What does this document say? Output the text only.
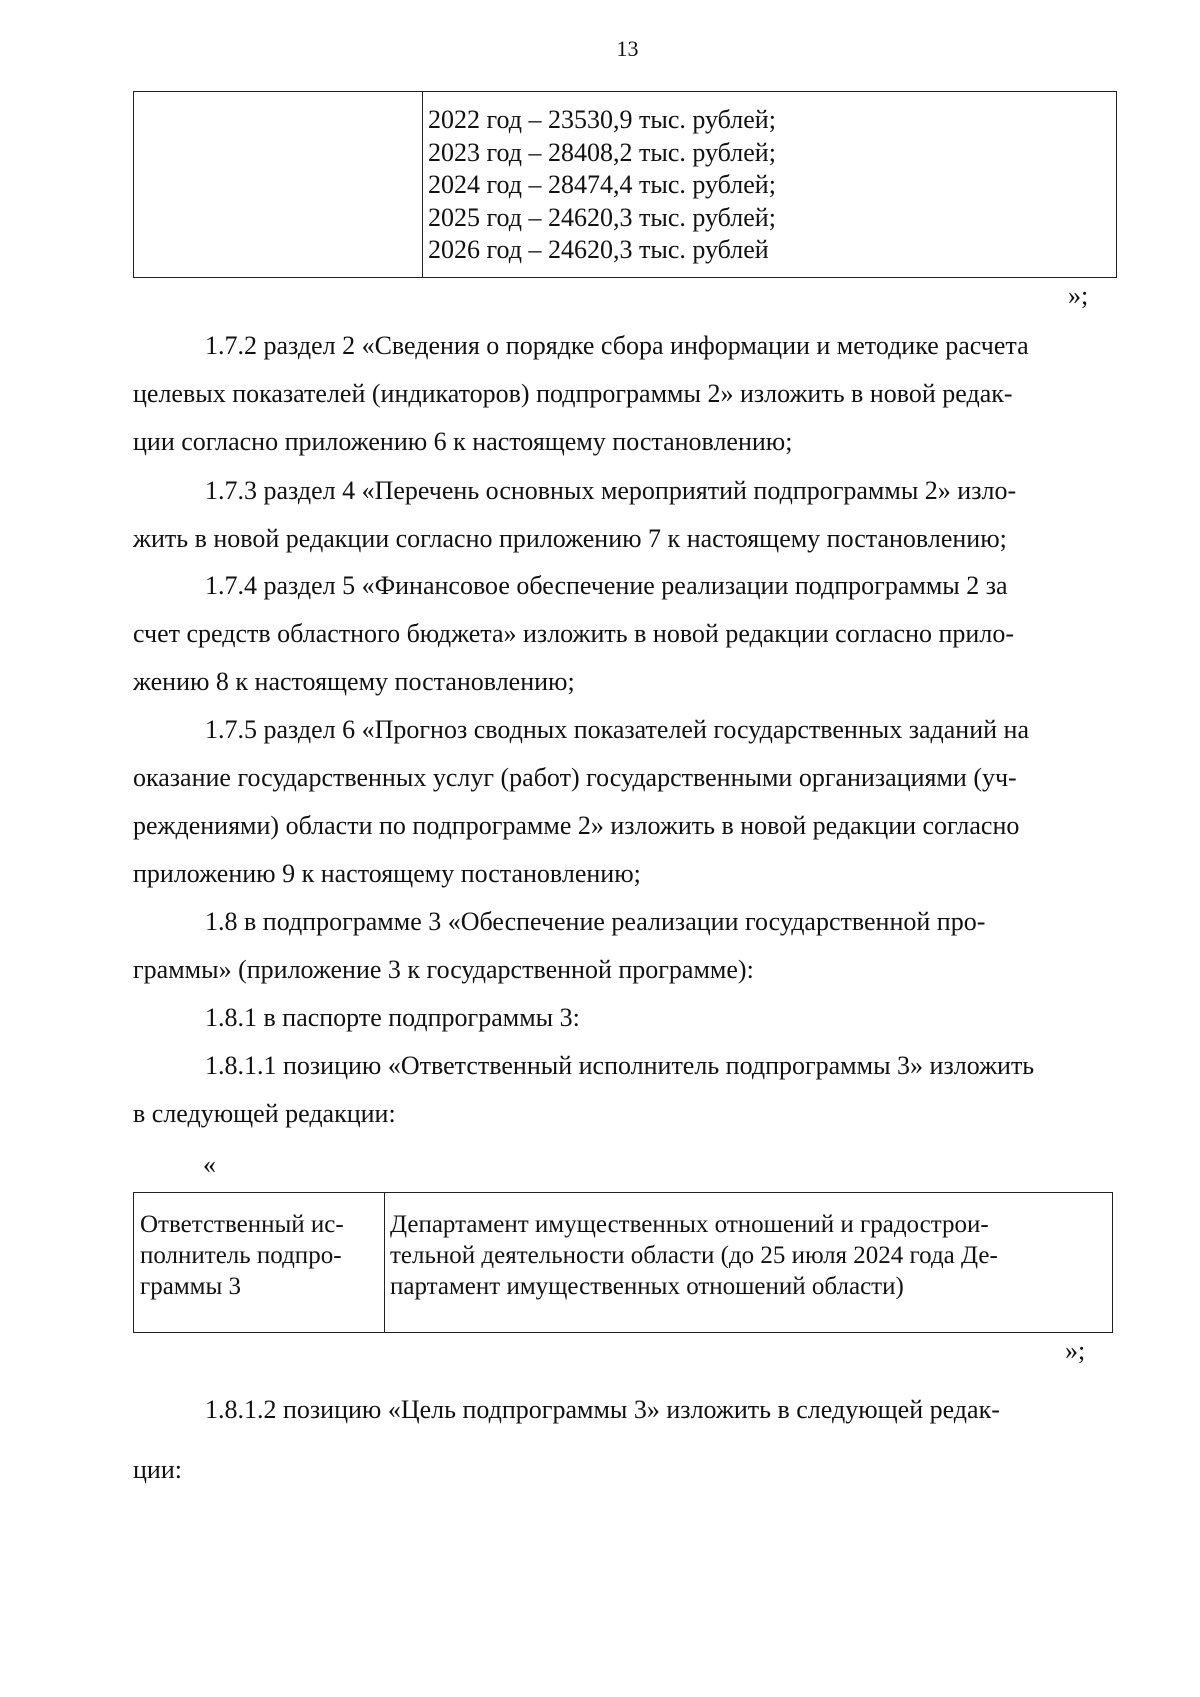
13
2022 год – 23530,9 тыс. рублей;
2023 год – 28408,2 тыс. рублей;
2024 год – 28474,4 тыс. рублей;
2025 год – 24620,3 тыс. рублей;
2026 год – 24620,3 тыс. рублей
»;
1.7.2 раздел 2 «Сведения о порядке сбора информации и методике расчета
целевых показателей (индикаторов) подпрограммы 2» изложить в новой редак-
ции согласно приложению 6 к настоящему постановлению;
1.7.3 раздел 4 «Перечень основных мероприятий подпрограммы 2» изло-
жить в новой редакции согласно приложению 7 к настоящему постановлению;
1.7.4 раздел 5 «Финансовое обеспечение реализации подпрограммы 2 за
счет средств областного бюджета» изложить в новой редакции согласно прило-
жению 8 к настоящему постановлению;
1.7.5 раздел 6 «Прогноз сводных показателей государственных заданий на
оказание государственных услуг (работ) государственными организациями (уч-
реждениями) области по подпрограмме 2» изложить в новой редакции согласно
приложению 9 к настоящему постановлению;
1.8 в подпрограмме 3 «Обеспечение реализации государственной про-
граммы» (приложение 3 к государственной программе):
1.8.1 в паспорте подпрограммы 3:
1.8.1.1 позицию «Ответственный исполнитель подпрограммы 3» изложить
в следующей редакции:
«
Ответственный ис-
полнитель подпро-
граммы 3
Департамент имущественных отношений и градострои-
тельной деятельности области (до 25 июля 2024 года Де-
партамент имущественных отношений области)
»;
1.8.1.2 позицию «Цель подпрограммы 3» изложить в следующей редак-
ции:
